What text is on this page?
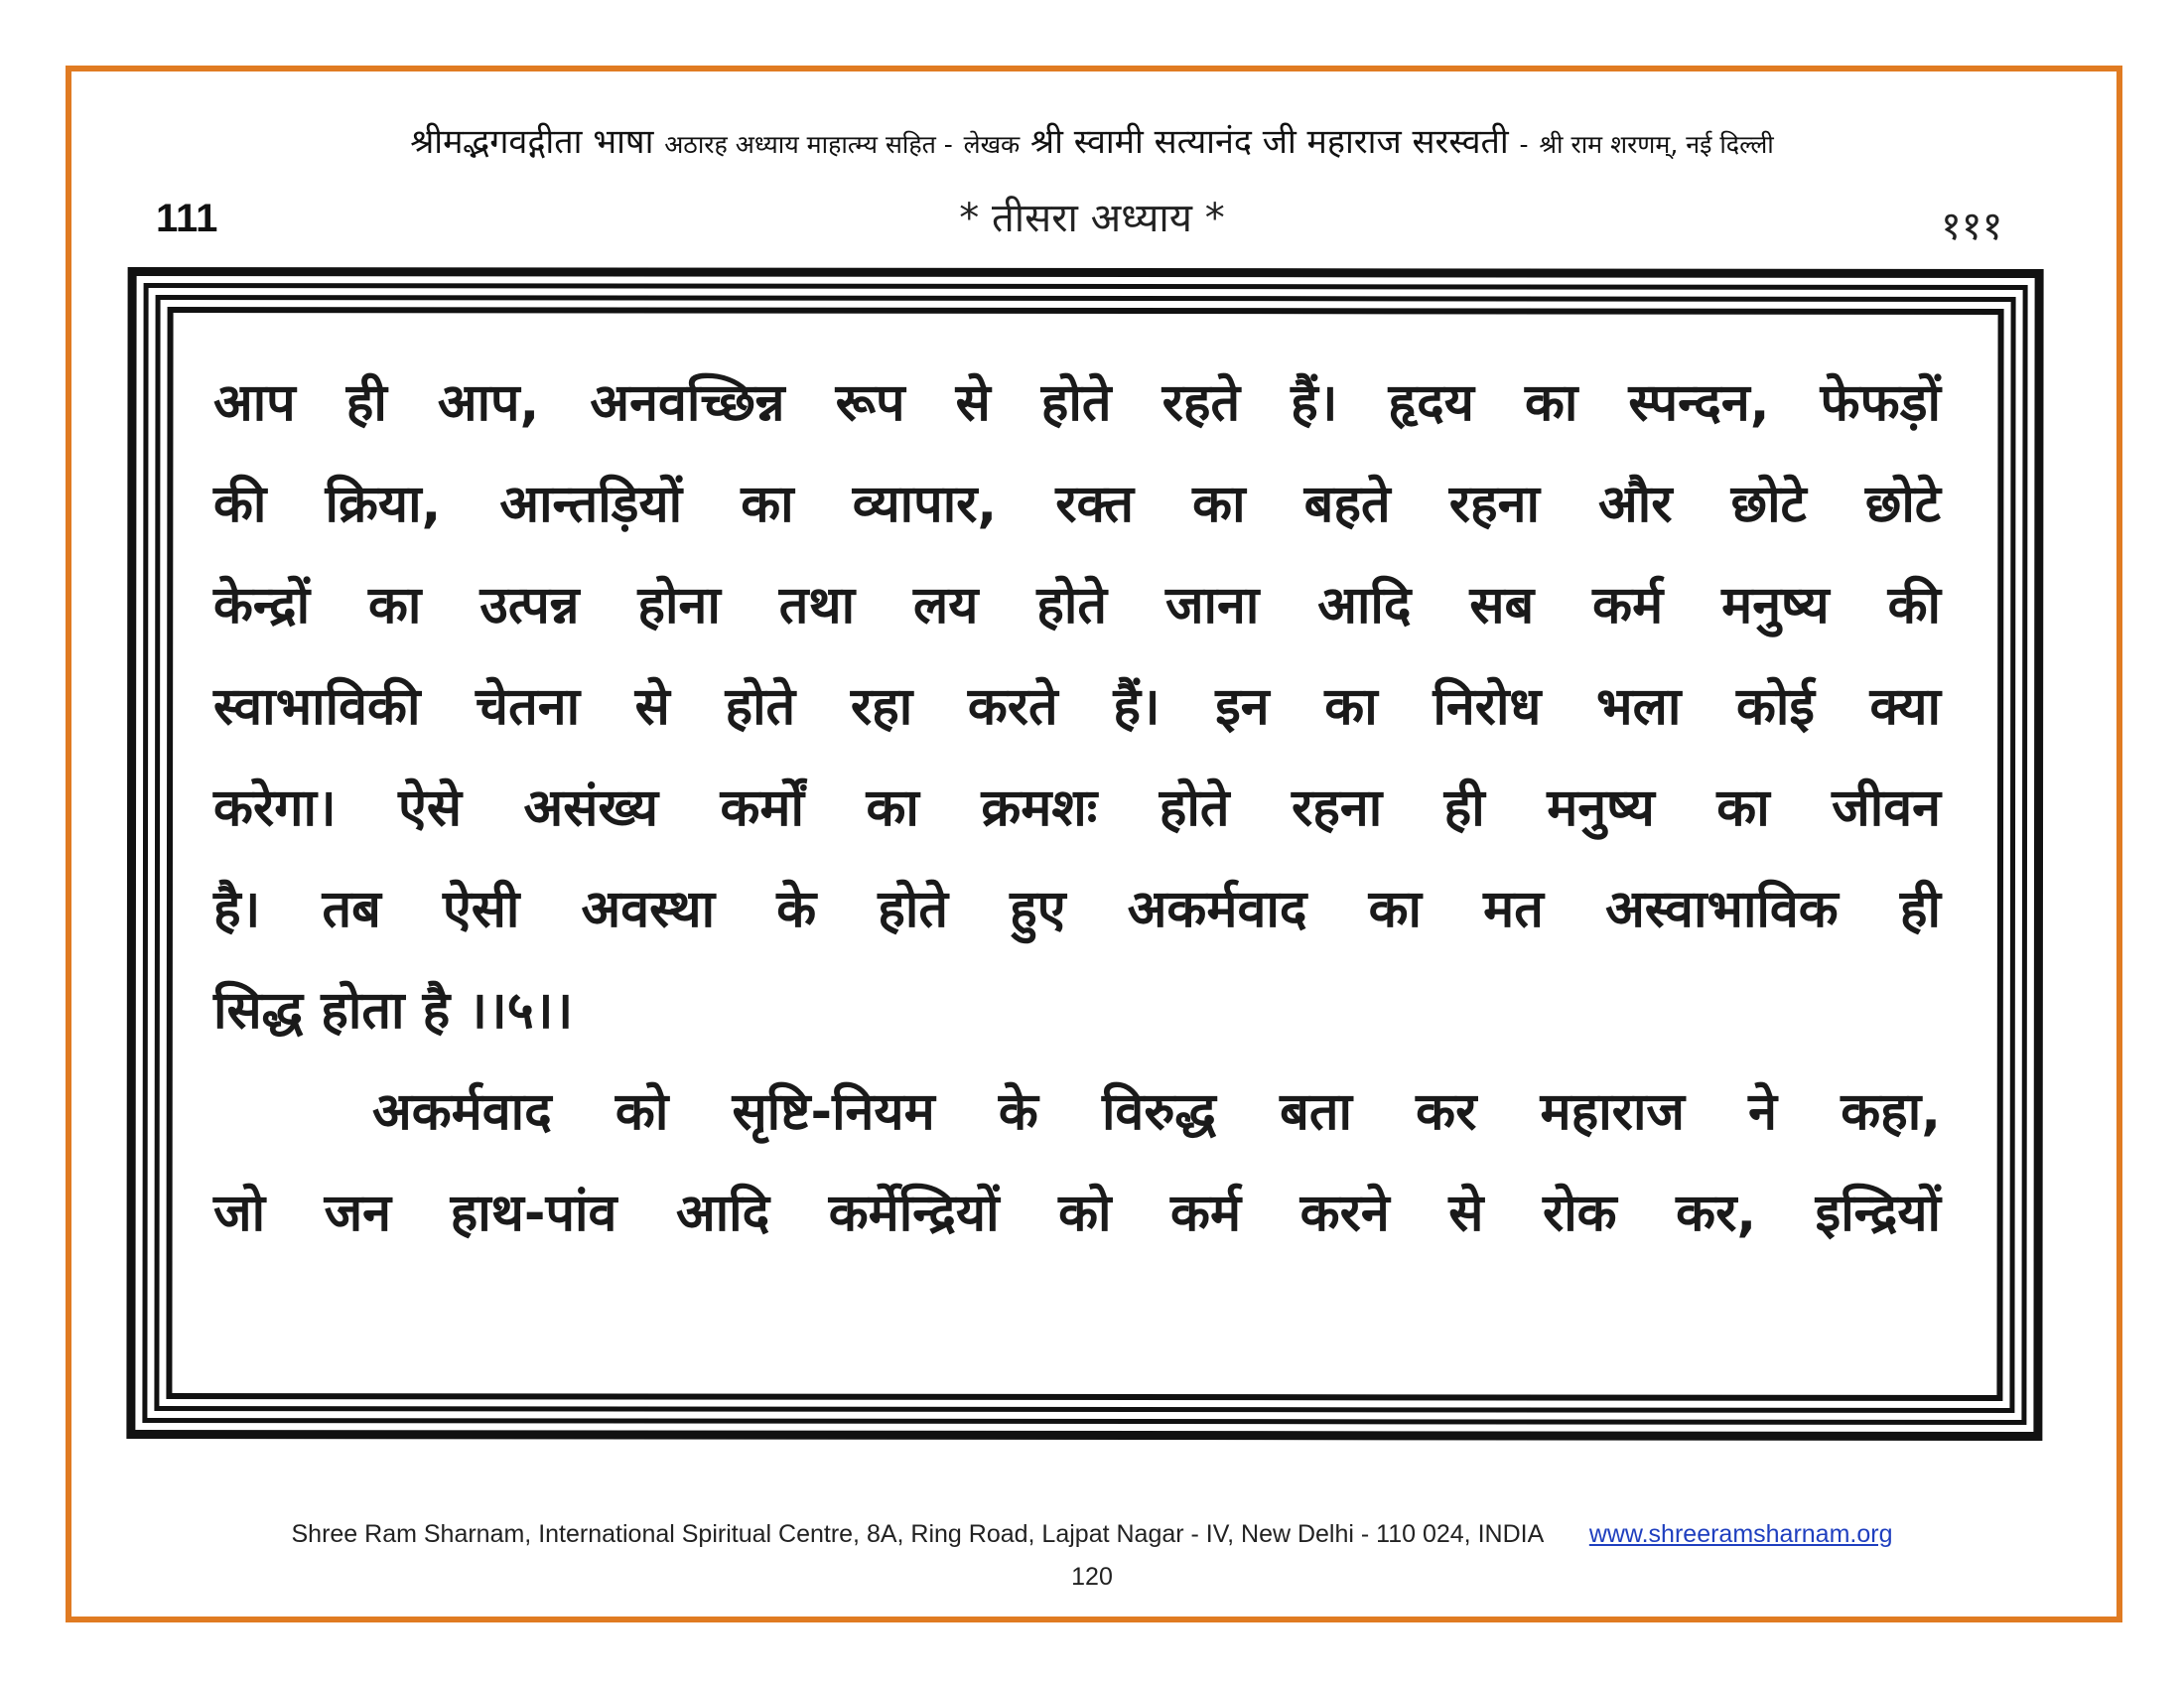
श्रीमद्भगवद्गीता भाषा अठारह अध्याय माहात्म्य सहित - लेखक श्री स्वामी सत्यानंद जी महाराज सरस्वती - श्री राम शरणम्, नई दिल्ली
111	* तीसरा अध्याय *	१११
आप ही आप, अनवच्छिन्न रूप से होते रहते हैं। हृदय का स्पन्दन, फेफड़ों
की क्रिया, आन्तड़ियों का व्यापार, रक्त का बहते रहना और छोटे छोटे
केन्द्रों का उत्पन्न होना तथा लय होते जाना आदि सब कर्म मनुष्य की
स्वाभाविकी चेतना से होते रहा करते हैं। इन का निरोध भला कोई क्या
करेगा। ऐसे असंख्य कर्मों का क्रमशः होते रहना ही मनुष्य का जीवन
है। तब ऐसी अवस्था के होते हुए अकर्मवाद का मत अस्वाभाविक ही
सिद्ध होता है ।।५।।
अकर्मवाद को सृष्टि-नियम के विरुद्ध बता कर महाराज ने कहा,
जो जन हाथ-पांव आदि कर्मेन्द्रियों को कर्म करने से रोक कर, इन्द्रियों
Shree Ram Sharnam, International Spiritual Centre, 8A, Ring Road, Lajpat Nagar - IV, New Delhi - 110 024, INDIA www.shreeramsharnam.org
120
